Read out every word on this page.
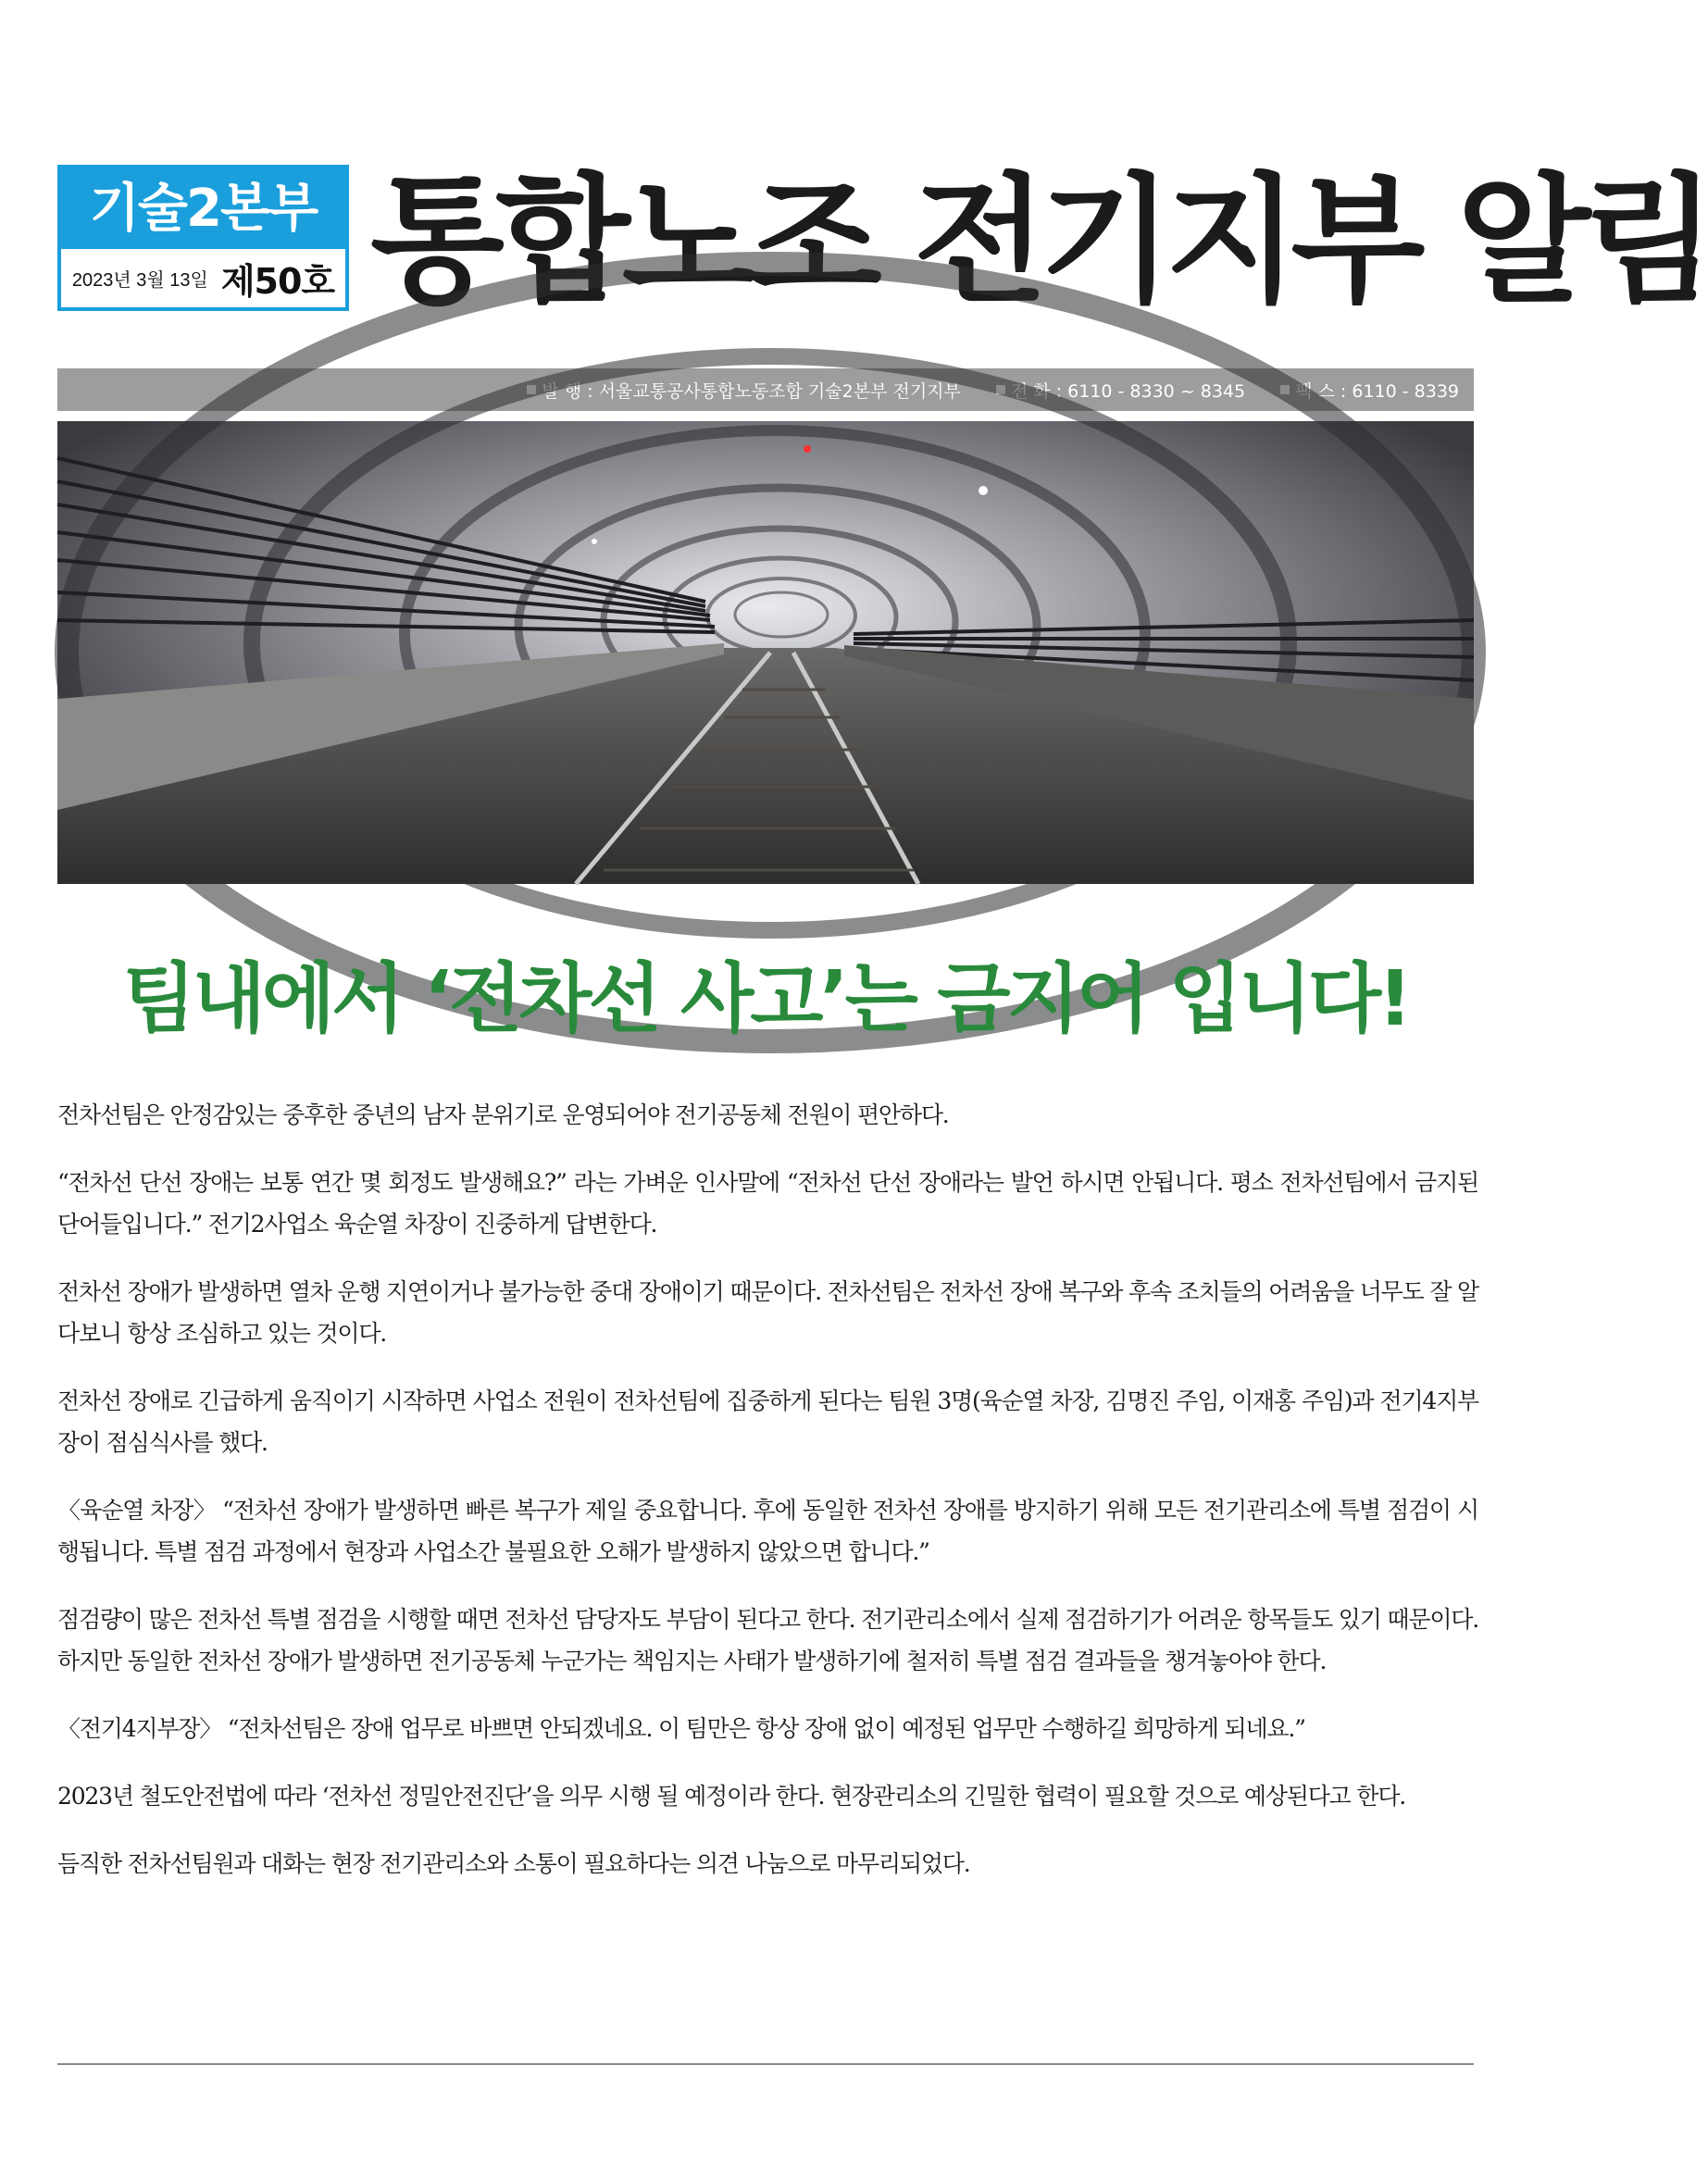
기술2본부
2023년 3월 13일 제50호 통합노조 전기지부 알림
발 행 : 서울교통공사통합노동조합 기술2본부 전기지부	전 화 : 6110 - 8330 ~ 8345	팩 스 : 6110 - 8339
팀내에서 ‘전차선 사고’는 금지어 입니다!

전차선팀은 안정감있는 중후한 중년의 남자 분위기로 운영되어야 전기공동체 전원이 편안하다.

“전차선 단선 장애는 보통 연간 몇 회정도 발생해요?” 라는 가벼운 인사말에 “전차선 단선 장애라는 발언 하시면 안됩니다. 평소 전차선팀에서 금지된 단어들입니다.” 전기2사업소 육순열 차장이 진중하게 답변한다.

전차선 장애가 발생하면 열차 운행 지연이거나 불가능한 중대 장애이기 때문이다. 전차선팀은 전차선 장애 복구와 후속 조치들의 어려움을 너무도 잘 알다보니 항상 조심하고 있는 것이다.

전차선 장애로 긴급하게 움직이기 시작하면 사업소 전원이 전차선팀에 집중하게 된다는 팀원 3명(육순열 차장, 김명진 주임, 이재홍 주임)과 전기4지부장이 점심식사를 했다.

〈육순열 차장〉 “전차선 장애가 발생하면 빠른 복구가 제일 중요합니다. 후에 동일한 전차선 장애를 방지하기 위해 모든 전기관리소에 특별 점검이 시행됩니다. 특별 점검 과정에서 현장과 사업소간 불필요한 오해가 발생하지 않았으면 합니다.”

점검량이 많은 전차선 특별 점검을 시행할 때면 전차선 담당자도 부담이 된다고 한다. 전기관리소에서 실제 점검하기가 어려운 항목들도 있기 때문이다. 하지만 동일한 전차선 장애가 발생하면 전기공동체 누군가는 책임지는 사태가 발생하기에 철저히 특별 점검 결과들을 챙겨놓아야 한다.

〈전기4지부장〉 “전차선팀은 장애 업무로 바쁘면 안되겠네요. 이 팀만은 항상 장애 없이 예정된 업무만 수행하길 희망하게 되네요.”

2023년 철도안전법에 따라 ‘전차선 정밀안전진단’을 의무 시행 될 예정이라 한다. 현장관리소의 긴밀한 협력이 필요할 것으로 예상된다고 한다.

듬직한 전차선팀원과 대화는 현장 전기관리소와 소통이 필요하다는 의견 나눔으로 마무리되었다.
